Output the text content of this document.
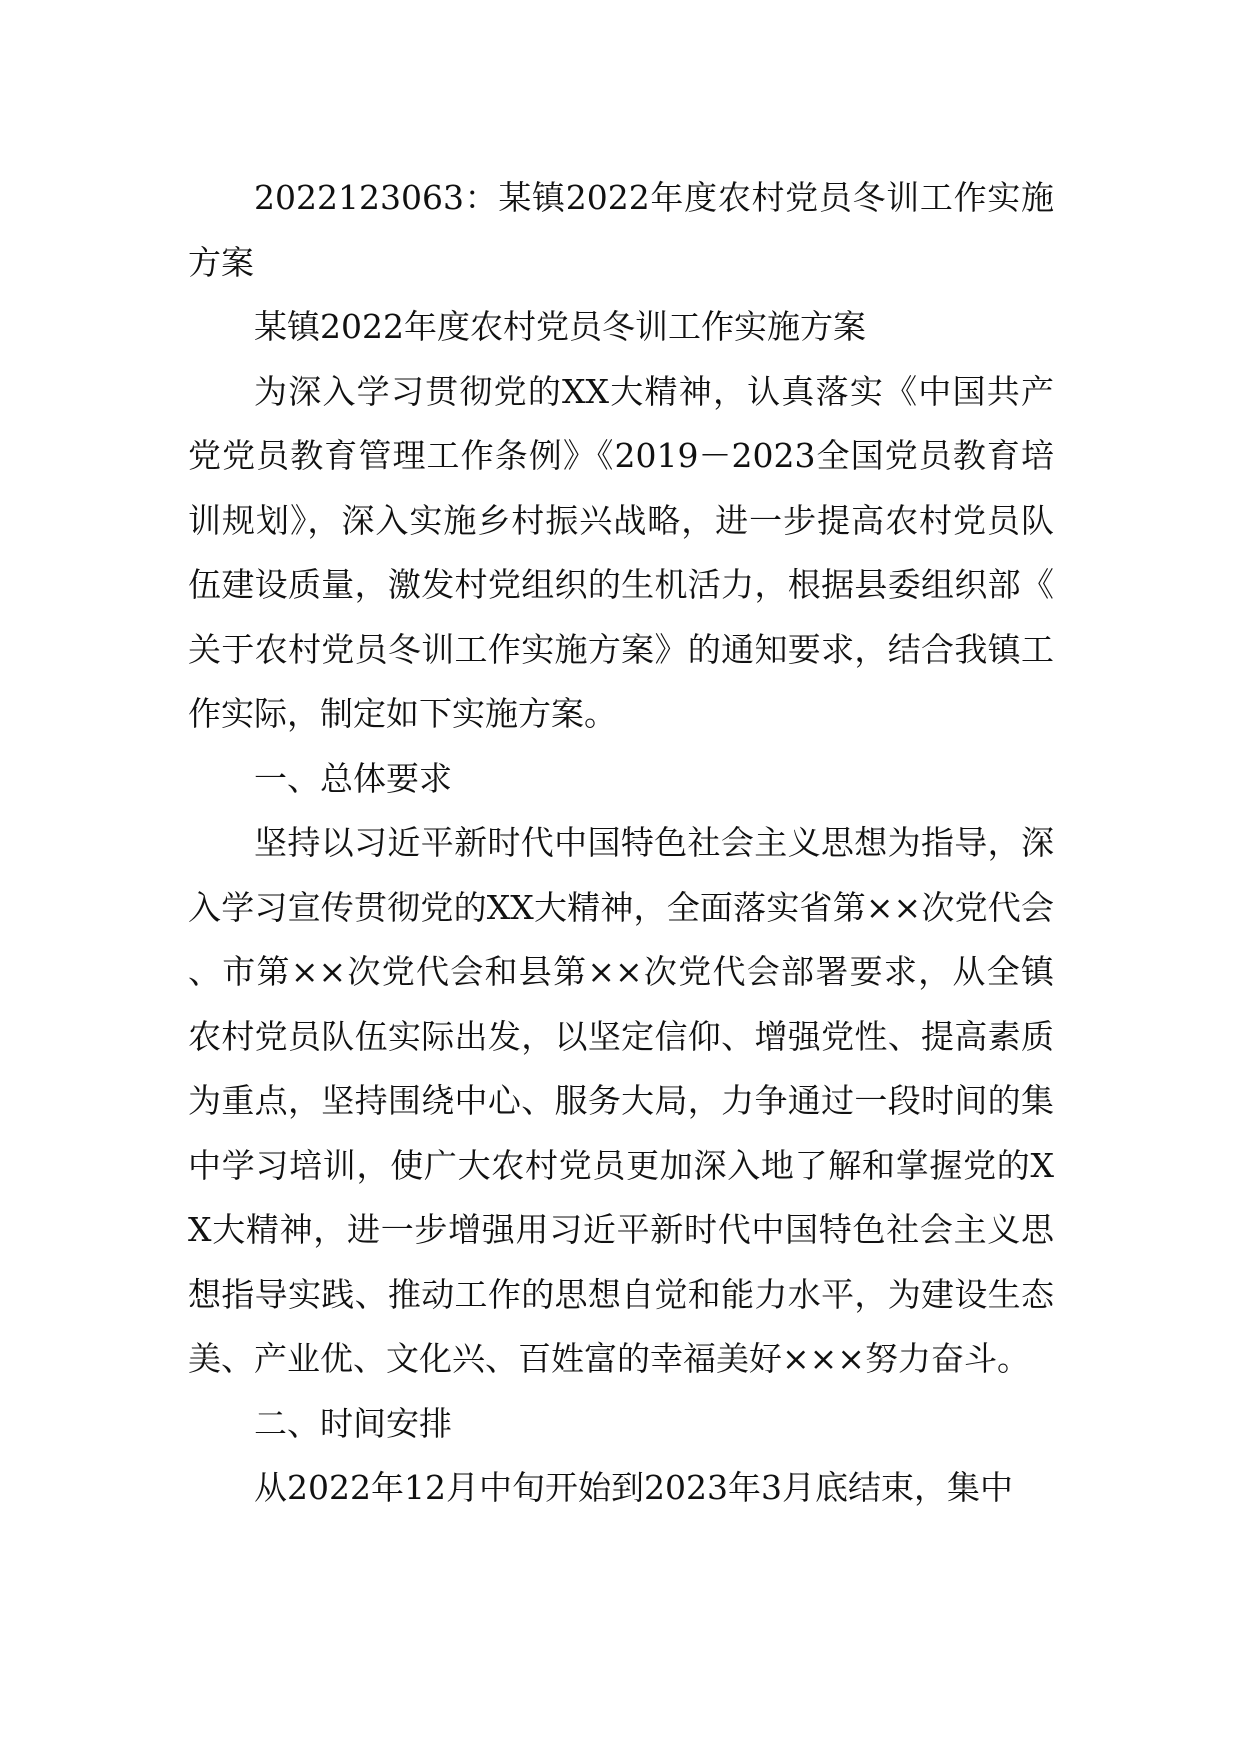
2022123063：某镇2022年度农村党员冬训工作实施方案

某镇2022年度农村党员冬训工作实施方案

为深入学习贯彻党的XX大精神，认真落实《中国共产党党员教育管理工作条例》《2019－2023全国党员教育培训规划》，深入实施乡村振兴战略，进一步提高农村党员队伍建设质量，激发村党组织的生机活力，根据县委组织部《关于农村党员冬训工作实施方案》的通知要求，结合我镇工作实际，制定如下实施方案。

一、总体要求

坚持以习近平新时代中国特色社会主义思想为指导，深入学习宣传贯彻党的XX大精神，全面落实省第××次党代会、市第××次党代会和县第××次党代会部署要求，从全镇农村党员队伍实际出发，以坚定信仰、增强党性、提高素质为重点，坚持围绕中心、服务大局，力争通过一段时间的集中学习培训，使广大农村党员更加深入地了解和掌握党的XX大精神，进一步增强用习近平新时代中国特色社会主义思想指导实践、推动工作的思想自觉和能力水平，为建设生态美、产业优、文化兴、百姓富的幸福美好×××努力奋斗。

二、时间安排

从2022年12月中旬开始到2023年3月底结束，集中
